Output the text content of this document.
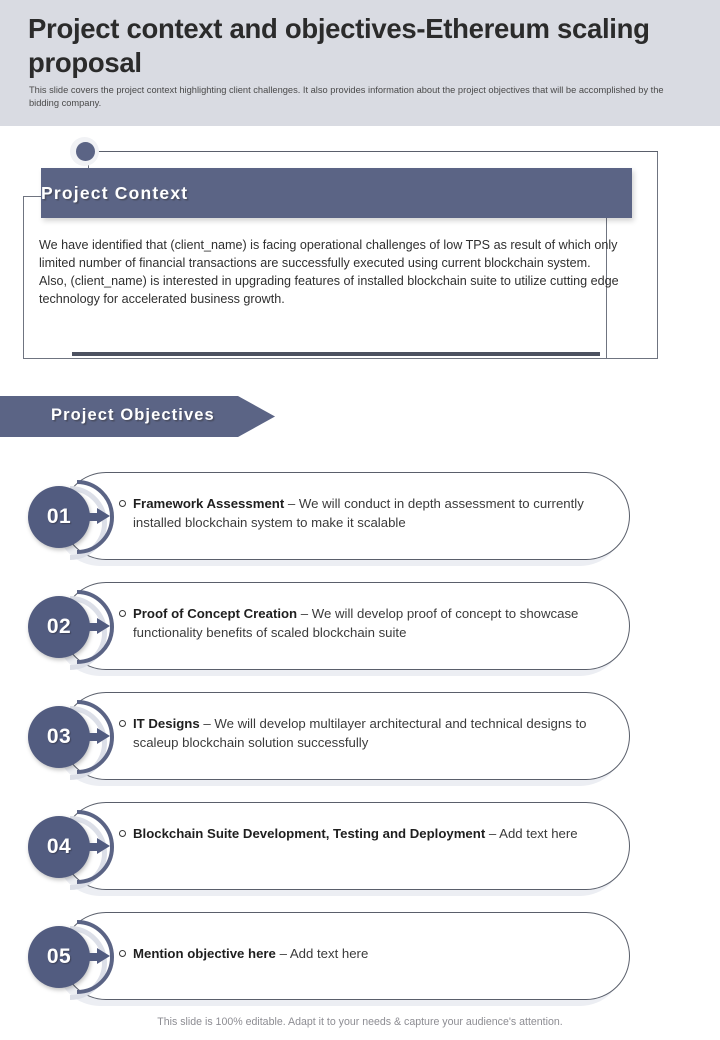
Project context and objectives-Ethereum scaling proposal
This slide covers the project context highlighting client challenges. It also provides information about the project objectives that will be accomplished by the bidding company.
Project Context

We have identified that (client_name) is facing operational challenges of low TPS as result of which only limited number of financial transactions are successfully executed using current blockchain system.

Also, (client_name) is interested in upgrading features of installed blockchain suite to utilize cutting edge technology for accelerated business growth.

Project Objectives
01
Framework Assessment – We will conduct in depth assessment to currently installed blockchain system to make it scalable
02
Proof of Concept Creation – We will develop proof of concept to showcase functionality benefits of scaled blockchain suite
03
IT Designs – We will develop multilayer architectural and technical designs to scaleup blockchain solution successfully
04
Blockchain Suite Development, Testing and Deployment – Add text here
05	Mention objective here – Add text here
This slide is 100% editable. Adapt it to your needs & capture your audience's attention.
